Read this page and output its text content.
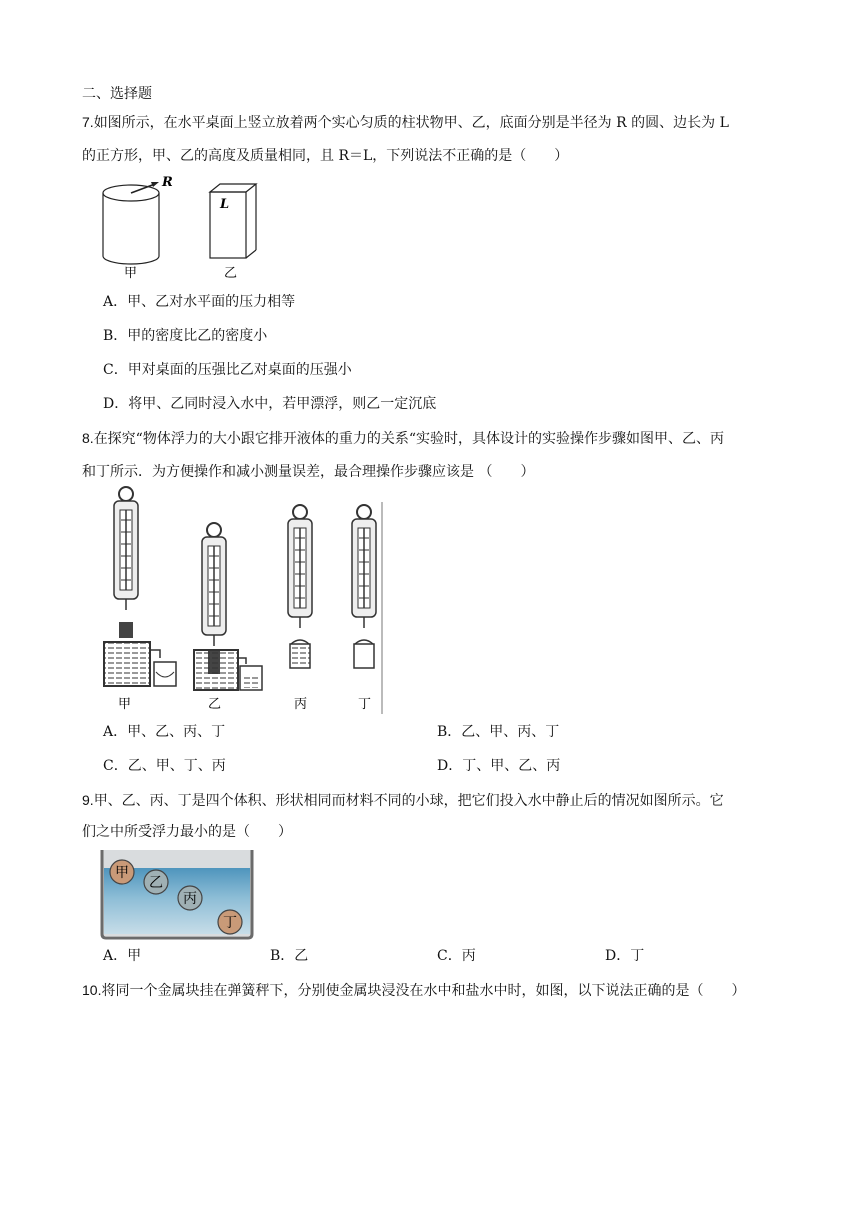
二、选择题
7.如图所示，在水平桌面上竖立放着两个实心匀质的柱状物甲、乙，底面分别是半径为 R 的圆、边长为 L
的正方形，甲、乙的高度及质量相同，且 R＝L，下列说法不正确的是（　　）
R
甲
L
乙
A．甲、乙对水平面的压力相等
B．甲的密度比乙的密度小
C．甲对桌面的压强比乙对桌面的压强小
D．将甲、乙同时浸入水中，若甲漂浮，则乙一定沉底
8.在探究“物体浮力的大小跟它排开液体的重力的关系“实验时，具体设计的实验操作步骤如图甲、乙、丙
和丁所示．为方便操作和减小测量误差，最合理操作步骤应该是 （　　）
甲	乙	丙	丁
A．甲、乙、丙、丁	B．乙、甲、丙、丁
C．乙、甲、丁、丙	D．丁、甲、乙、丙
9.甲、乙、丙、丁是四个体积、形状相同而材料不同的小球，把它们投入水中静止后的情况如图所示。它
们之中所受浮力最小的是（　　）
甲
乙
丙
丁
A．甲	B．乙	C．丙	D．丁
10.将同一个金属块挂在弹簧秤下，分别使金属块浸没在水中和盐水中时，如图，以下说法正确的是（　　）
